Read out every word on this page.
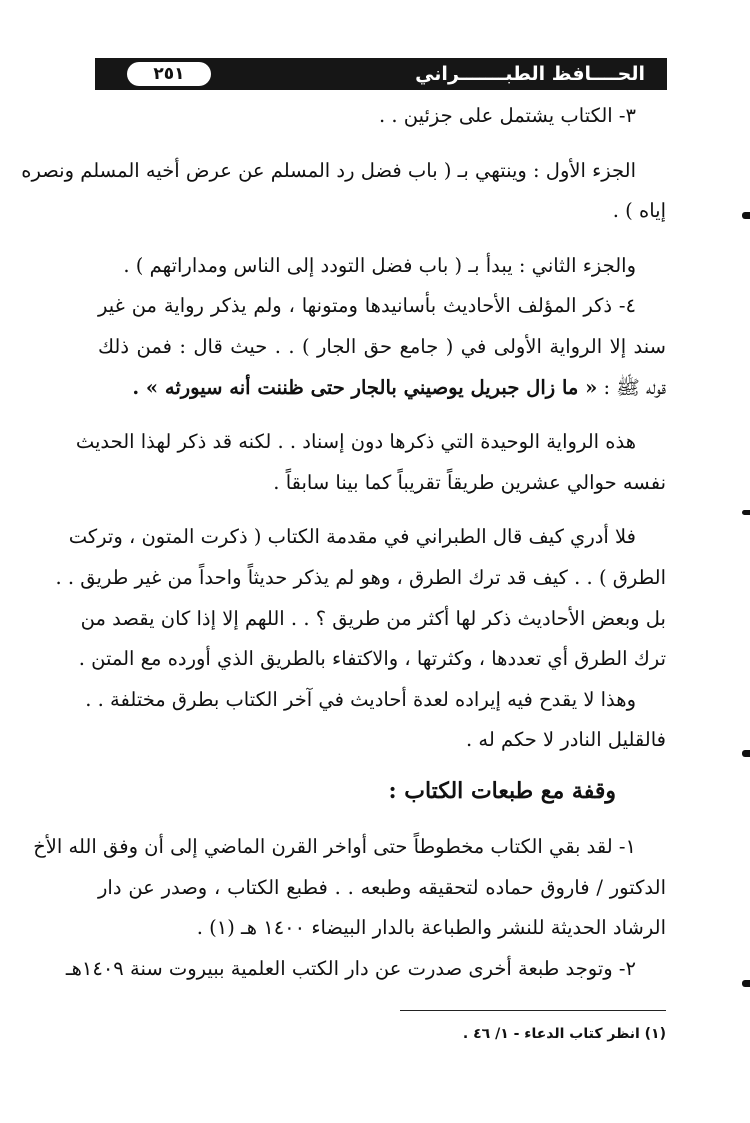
الحــــافظ الطبـــــــراني
٢٥١
٣- الكتاب يشتمل على جزئين . .
الجزء الأول : وينتهي بـ ( باب فضل رد المسلم عن عرض أخيه المسلم ونصره
إياه ) .
والجزء الثاني : يبدأ بـ ( باب فضل التودد إلى الناس ومداراتهم ) .
٤- ذكر المؤلف الأحاديث بأسانيدها ومتونها ، ولم يذكر رواية من غير
سند إلا الرواية الأولى في ( جامع حق الجار ) . . حيث قال : فمن ذلك
قوله ﷺ : « ما زال جبريل يوصيني بالجار حتى ظننت أنه سيورثه » .
هذه الرواية الوحيدة التي ذكرها دون إسناد . . لكنه قد ذكر لهذا الحديث
نفسه حوالي عشرين طريقاً تقريباً كما بينا سابقاً .
فلا أدري كيف قال الطبراني في مقدمة الكتاب ( ذكرت المتون ، وتركت
الطرق ) . . كيف قد ترك الطرق ، وهو لم يذكر حديثاً واحداً من غير طريق . .
بل وبعض الأحاديث ذكر لها أكثر من طريق ؟ . . اللهم إلا إذا كان يقصد من
ترك الطرق أي تعددها ، وكثرتها ، والاكتفاء بالطريق الذي أورده مع المتن .
وهذا لا يقدح فيه إيراده لعدة أحاديث في آخر الكتاب بطرق مختلفة . .
فالقليل النادر لا حكم له .
وقفة مع طبعات الكتاب :
١- لقد بقي الكتاب مخطوطاً حتى أواخر القرن الماضي إلى أن وفق الله الأخ
الدكتور / فاروق حماده لتحقيقه وطبعه . . فطبع الكتاب ، وصدر عن دار
الرشاد الحديثة للنشر والطباعة بالدار البيضاء ١٤٠٠ هـ (١) .
٢- وتوجد طبعة أخرى صدرت عن دار الكتب العلمية ببيروت سنة ١٤٠٩هـ
(١) انظر كتاب الدعاء - ١/ ٤٦ .
